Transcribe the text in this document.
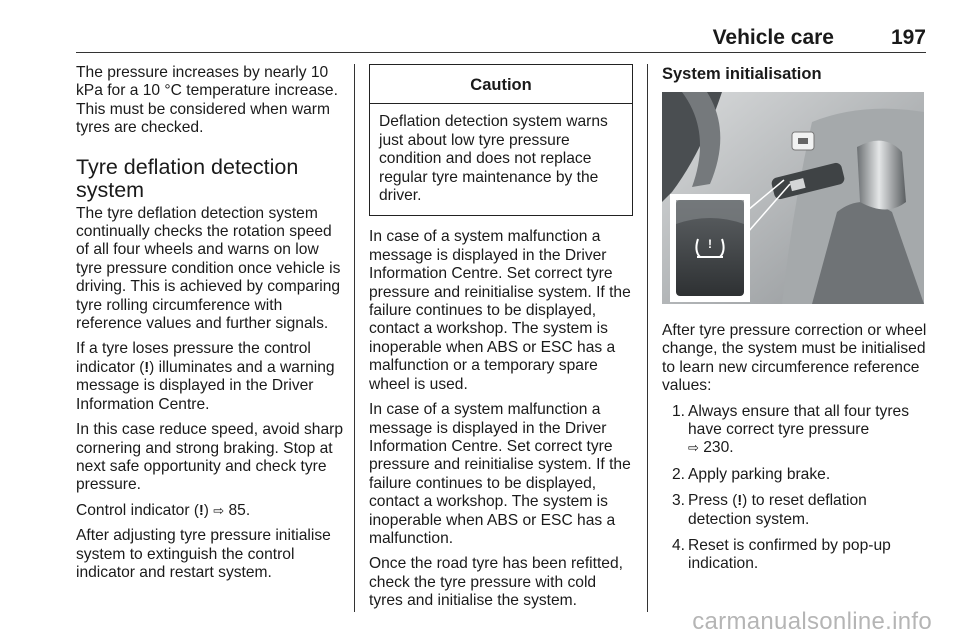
Vehicle care	197

The pressure increases by nearly 10 kPa for a 10 °C temperature increase. This must be considered when warm tyres are checked.

Tyre deflation detection system

The tyre deflation detection system continually checks the rotation speed of all four wheels and warns on low tyre pressure condition once vehicle is driving. This is achieved by comparing tyre rolling circumference with reference values and further signals.

If a tyre loses pressure the control indicator (!) illuminates and a warning message is displayed in the Driver Information Centre.

In this case reduce speed, avoid sharp cornering and strong braking. Stop at next safe opportunity and check tyre pressure.

Control indicator (!) ⇨ 85.

After adjusting tyre pressure initialise system to extinguish the control indicator and restart system.

Caution
Deflation detection system warns just about low tyre pressure condition and does not replace regular tyre maintenance by the driver.

In case of a system malfunction a message is displayed in the Driver Information Centre. Set correct tyre pressure and reinitialise system. If the failure continues to be displayed, contact a workshop. The system is inoperable when ABS or ESC has a malfunction or a temporary spare wheel is used.

In case of a system malfunction a message is displayed in the Driver Information Centre. Set correct tyre pressure and reinitialise system. If the failure continues to be displayed, contact a workshop. The system is inoperable when ABS or ESC has a malfunction.

Once the road tyre has been refitted, check the tyre pressure with cold tyres and initialise the system.

System initialisation
!

After tyre pressure correction or wheel change, the system must be initialised to learn new circumference reference values:

1. Always ensure that all four tyres have correct tyre pressure
⇨ 230.
2. Apply parking brake.
3. Press (!) to reset deflation detection system.
4. Reset is confirmed by pop-up indication.
carmanualsonline.info
